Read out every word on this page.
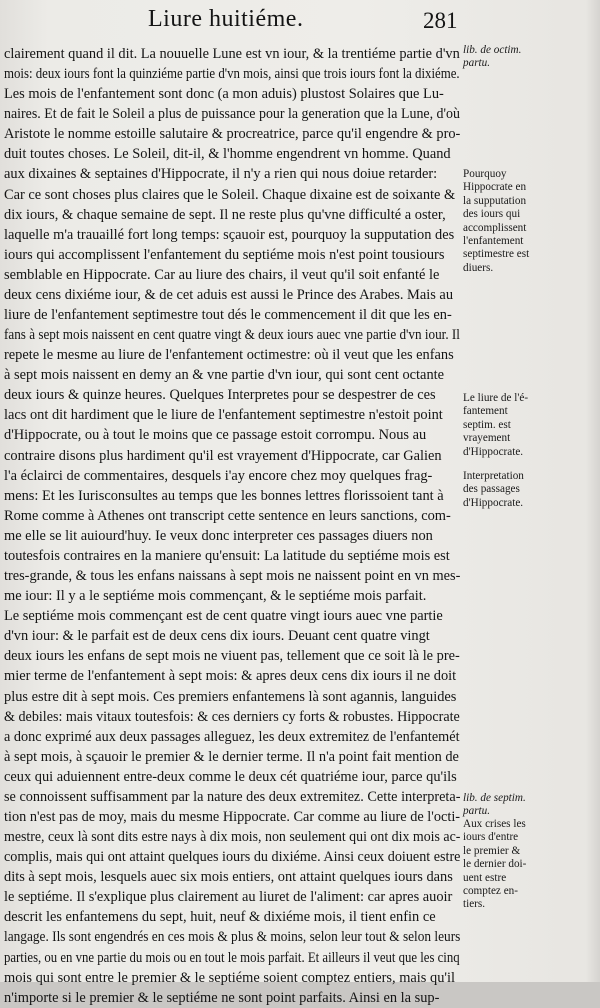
Liure huitiéme.	281
clairement quand il dit. La nouuelle Lune est vn iour, & la trentiéme partie d'vn
mois: deux iours font la quinziéme partie d'vn mois, ainsi que trois iours font la dixiéme.
Les mois de l'enfantement sont donc (a mon aduis) plustost Solaires que Lu-
naires. Et de fait le Soleil a plus de puissance pour la generation que la Lune, d'où
Aristote le nomme estoille salutaire & procreatrice, parce qu'il engendre & pro-
duit toutes choses. Le Soleil, dit-il, & l'homme engendrent vn homme. Quand
aux dixaines & septaines d'Hippocrate, il n'y a rien qui nous doiue retarder:
Car ce sont choses plus claires que le Soleil. Chaque dixaine est de soixante &
dix iours, & chaque semaine de sept. Il ne reste plus qu'vne difficulté a oster,
laquelle m'a trauaillé fort long temps: sçauoir est, pourquoy la supputation des
iours qui accomplissent l'enfantement du septiéme mois n'est point tousiours
semblable en Hippocrate. Car au liure des chairs, il veut qu'il soit enfanté le
deux cens dixiéme iour, & de cet aduis est aussi le Prince des Arabes. Mais au
liure de l'enfantement septimestre tout dés le commencement il dit que les en-
fans à sept mois naissent en cent quatre vingt & deux iours auec vne partie d'vn iour. Il
repete le mesme au liure de l'enfantement octimestre: où il veut que les enfans
à sept mois naissent en demy an & vne partie d'vn iour, qui sont cent octante
deux iours & quinze heures. Quelques Interpretes pour se despestrer de ces
lacs ont dit hardiment que le liure de l'enfantement septimestre n'estoit point
d'Hippocrate, ou à tout le moins que ce passage estoit corrompu. Nous au
contraire disons plus hardiment qu'il est vrayement d'Hippocrate, car Galien
l'a éclairci de commentaires, desquels i'ay encore chez moy quelques frag-
mens: Et les Iurisconsultes au temps que les bonnes lettres florissoient tant à
Rome comme à Athenes ont transcript cette sentence en leurs sanctions, com-
me elle se lit auiourd'huy. Ie veux donc interpreter ces passages diuers non
toutesfois contraires en la maniere qu'ensuit: La latitude du septiéme mois est
tres-grande, & tous les enfans naissans à sept mois ne naissent point en vn mes-
me iour: Il y a le septiéme mois commençant, & le septiéme mois parfait.
Le septiéme mois commençant est de cent quatre vingt iours auec vne partie
d'vn iour: & le parfait est de deux cens dix iours. Deuant cent quatre vingt
deux iours les enfans de sept mois ne viuent pas, tellement que ce soit là le pre-
mier terme de l'enfantement à sept mois: & apres deux cens dix iours il ne doit
plus estre dit à sept mois. Ces premiers enfantemens là sont agannis, languides
& debiles: mais vitaux toutesfois: & ces derniers cy forts & robustes. Hippocrate
a donc exprimé aux deux passages alleguez, les deux extremitez de l'enfantemét
à sept mois, à sçauoir le premier & le dernier terme. Il n'a point fait mention de
ceux qui aduiennent entre-deux comme le deux cét quatriéme iour, parce qu'ils
se connoissent suffisamment par la nature des deux extremitez. Cette interpreta-
tion n'est pas de moy, mais du mesme Hippocrate. Car comme au liure de l'octi-
mestre, ceux là sont dits estre nays à dix mois, non seulement qui ont dix mois ac-
complis, mais qui ont attaint quelques iours du dixiéme. Ainsi ceux doiuent estre
dits à sept mois, lesquels auec six mois entiers, ont attaint quelques iours dans
le septiéme. Il s'explique plus clairement au liuret de l'aliment: car apres auoir
descrit les enfantemens du sept, huit, neuf & dixiéme mois, il tient enfin ce
langage. Ils sont engendrés en ces mois & plus & moins, selon leur tout & selon leurs
parties, ou en vne partie du mois ou en tout le mois parfait. Et ailleurs il veut que les cinq
mois qui sont entre le premier & le septiéme soient comptez entiers, mais qu'il
n'importe si le premier & le septiéme ne sont point parfaits. Ainsi en la sup-
lib. de octim.
partu.
Pourquoy
Hippocrate en
la supputation
des iours qui
accomplissent
l'enfantement
septimestre est
diuers.
Le liure de l'é-
fantement
septim. est
vrayement
d'Hippocrate.
Interpretation
des passages
d'Hippocrate.
lib. de septim.
partu.
Aux crises les
iours d'entre
le premier &
le dernier doi-
uent estre
comptez en-
tiers.
